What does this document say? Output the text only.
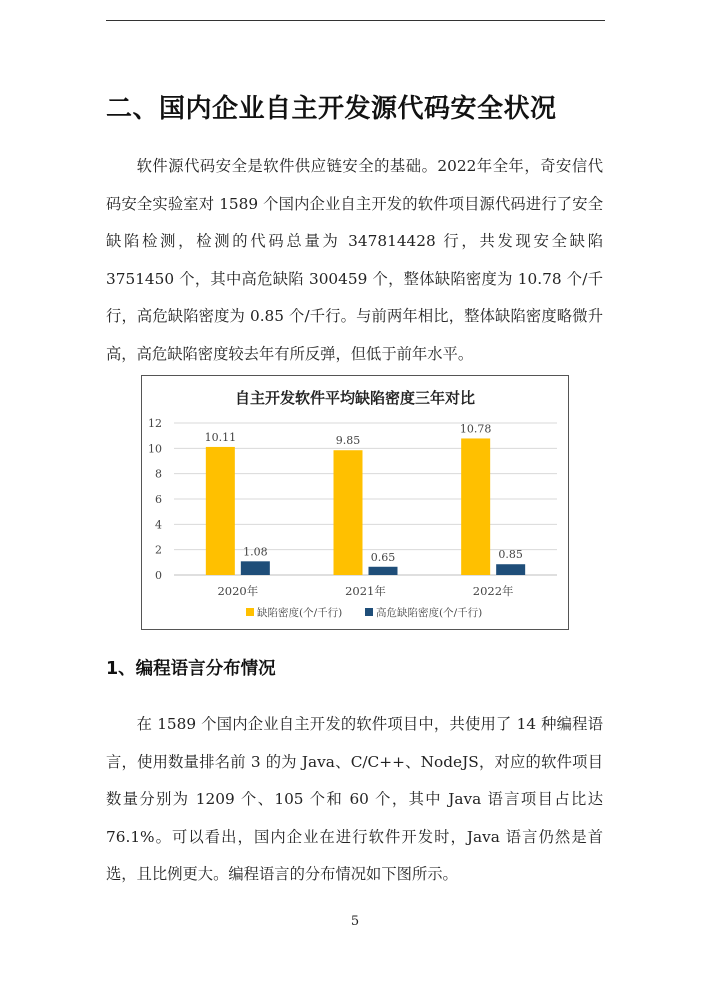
二、国内企业自主开发源代码安全状况

软件源代码安全是软件供应链安全的基础。2022年全年，奇安信代码安全实验室对 1589 个国内企业自主开发的软件项目源代码进行了安全缺陷检测，检测的代码总量为 347814428 行，共发现安全缺陷 3751450 个，其中高危缺陷 300459 个，整体缺陷密度为 10.78 个/千行，高危缺陷密度为 0.85 个/千行。与前两年相比，整体缺陷密度略微升高，高危缺陷密度较去年有所反弹，但低于前年水平。

自主开发软件平均缺陷密度三年对比
0
2
4
6
8
10
12
10.11
1.08
2020年
9.85
0.65
2021年
10.78
0.85
2022年
缺陷密度(个/千行)	高危缺陷密度(个/千行)
1、编程语言分布情况

在 1589 个国内企业自主开发的软件项目中，共使用了 14 种编程语言，使用数量排名前 3 的为 Java、C/C++、NodeJS，对应的软件项目数量分别为 1209 个、105 个和 60 个，其中 Java 语言项目占比达 76.1%。可以看出，国内企业在进行软件开发时，Java 语言仍然是首选，且比例更大。编程语言的分布情况如下图所示。

5
